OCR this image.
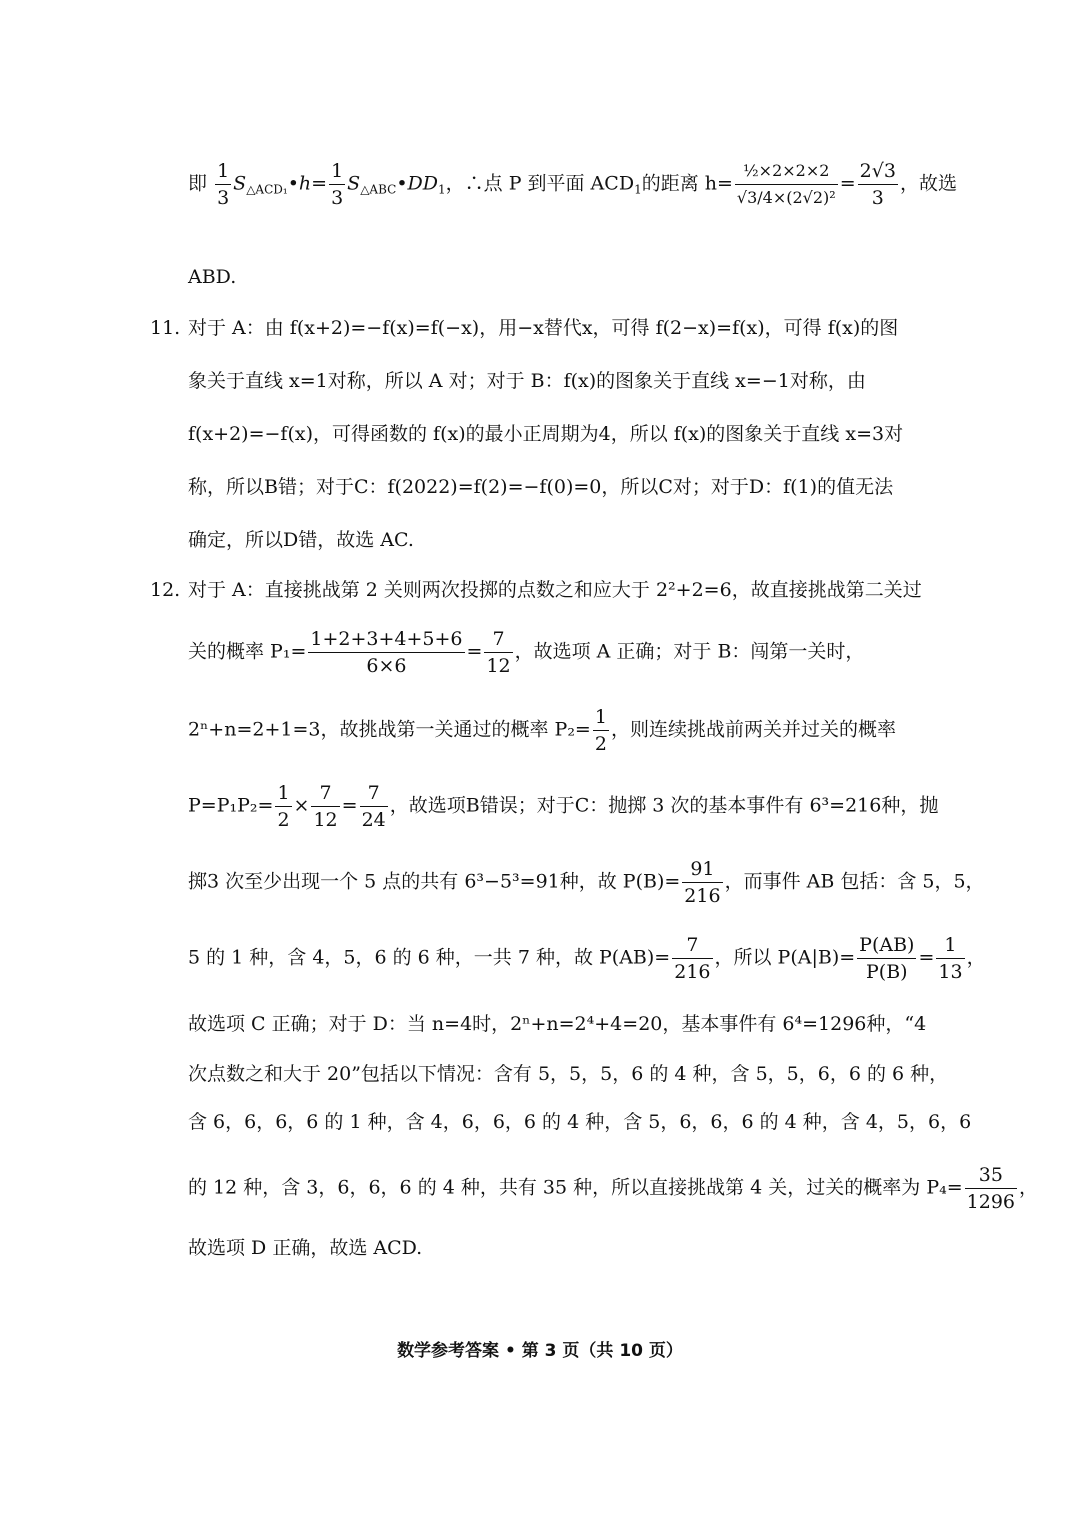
即 $\frac{1}{3}$ $S_{\triangle ACD_1}•h= \frac{1}{3}$ $S_{\triangle ABC}•DD_1$，∴点 P 到平面 $ACD_1$的距离 $h= \frac{\text{½×2×2×2}}{\text{√3/4×(2√2)²}} = \frac{2√3}{3}$ ，故选
ABD.
11. 对于 A：由 f(x+2)=−f(x)=f(−x)，用−x替代x，可得 f(2−x)=f(x)，可得 f(x)的图
象关于直线 x=1对称，所以 A 对；对于 B：f(x)的图象关于直线 x=−1对称，由
f(x+2)=−f(x)，可得函数的 f(x)的最小正周期为4，所以 f(x)的图象关于直线 x=3对
称，所以B错；对于C：f(2022)=f(2)=−f(0)=0，所以C对；对于D：f(1)的值无法
确定，所以D错，故选 AC.
12. 对于 A：直接挑战第 2 关则两次投掷的点数之和应大于 2²+2=6，故直接挑战第二关过
关的概率 $P_1= \frac{1+2+3+4+5+6}{6\times 6} = \frac{7}{12}$ ，故选项 A 正确；对于 B：闯第一关时，
2ⁿ+n=2+1=3，故挑战第一关通过的概率 $P_2= \frac{1}{2}$ ，则连续挑战前两关并过关的概率
$P=P_1P_2= \frac{1}{2} \times \frac{7}{12} = \frac{7}{24}$ ，故选项B错误；对于C：抛掷 3 次的基本事件有 6³=216种，抛
掷3 次至少出现一个 5 点的共有 6³−5³=91种，故 $P(B)= \frac{91}{216}$ ，而事件 AB 包括：含 5，5，
5 的 1 种，含 4，5，6 的 6 种，一共 7 种，故 $P(AB)= \frac{7}{216}$ ，所以 $P(A|B)= \frac{P(AB)}{P(B)} = \frac{1}{13}$ ，
故选项 C 正确；对于 D：当 n=4时，2ⁿ+n=2⁴+4=20，基本事件有 6⁴=1296种，“4
次点数之和大于 20”包括以下情况：含有 5，5，5，6 的 4 种，含 5，5，6，6 的 6 种，
含 6，6，6，6 的 1 种，含 4，6，6，6 的 4 种，含 5，6，6，6 的 4 种，含 4，5，6，6
的 12 种，含 3，6，6，6 的 4 种，共有 35 种，所以直接挑战第 4 关，过关的概率为 $P_4= \frac{35}{1296}$ ，
故选项 D 正确，故选 ACD.
数学参考答案 • 第 3 页（共 10 页）
